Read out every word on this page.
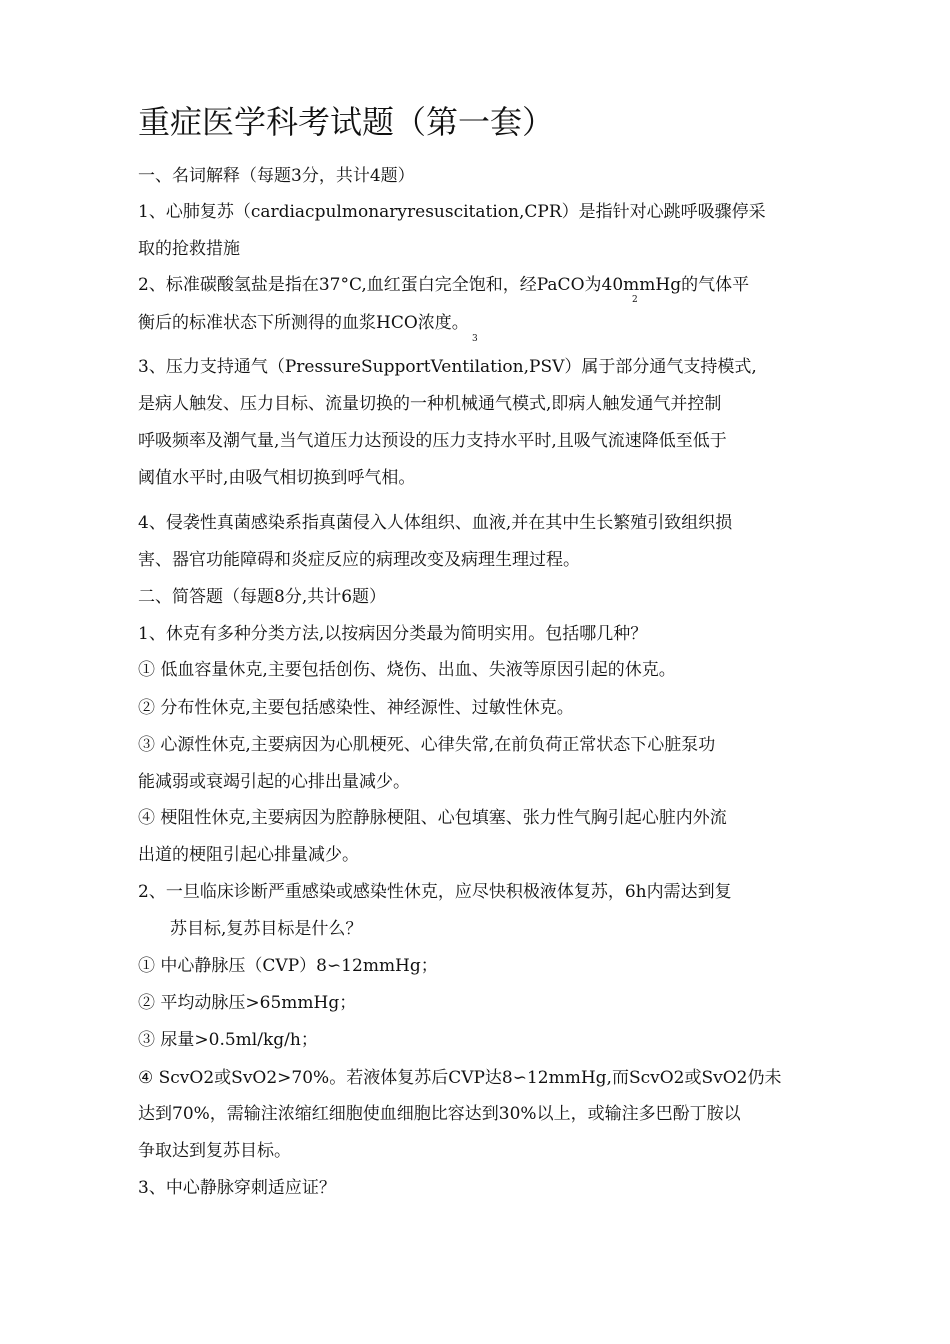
重症医学科考试题（第一套）
一、名词解释（每题3分，共计4题）
1、心肺复苏（cardiacpulmonaryresuscitation,CPR）是指针对心跳呼吸骤停采
取的抢救措施
2、标准碳酸氢盐是指在37°C,血红蛋白完全饱和，经PaCO为40mmHg的气体平
2
衡后的标准状态下所测得的血浆HCO浓度。
3
3、压力支持通气（PressureSupportVentilation,PSV）属于部分通气支持模式,
是病人触发、压力目标、流量切换的一种机械通气模式,即病人触发通气并控制
呼吸频率及潮气量,当气道压力达预设的压力支持水平时,且吸气流速降低至低于
阈值水平时,由吸气相切换到呼气相。
4、侵袭性真菌感染系指真菌侵入人体组织、血液,并在其中生长繁殖引致组织损
害、器官功能障碍和炎症反应的病理改变及病理生理过程。
二、简答题（每题8分,共计6题）
1、休克有多种分类方法,以按病因分类最为简明实用。包括哪几种？
① 低血容量休克,主要包括创伤、烧伤、出血、失液等原因引起的休克。
② 分布性休克,主要包括感染性、神经源性、过敏性休克。
③ 心源性休克,主要病因为心肌梗死、心律失常,在前负荷正常状态下心脏泵功
能减弱或衰竭引起的心排出量减少。
④ 梗阻性休克,主要病因为腔静脉梗阻、心包填塞、张力性气胸引起心脏内外流
出道的梗阻引起心排量减少。
2、一旦临床诊断严重感染或感染性休克，应尽快积极液体复苏，6h内需达到复
苏目标,复苏目标是什么？
① 中心静脉压（CVP）8∽12mmHg；
② 平均动脉压>65mmHg；
③ 尿量>0.5ml/kg/h；
④ ScvO2或SvO2>70%。若液体复苏后CVP达8∽12mmHg,而ScvO2或SvO2仍未
达到70%，需输注浓缩红细胞使血细胞比容达到30%以上，或输注多巴酚丁胺以
争取达到复苏目标。
3、中心静脉穿刺适应证？
